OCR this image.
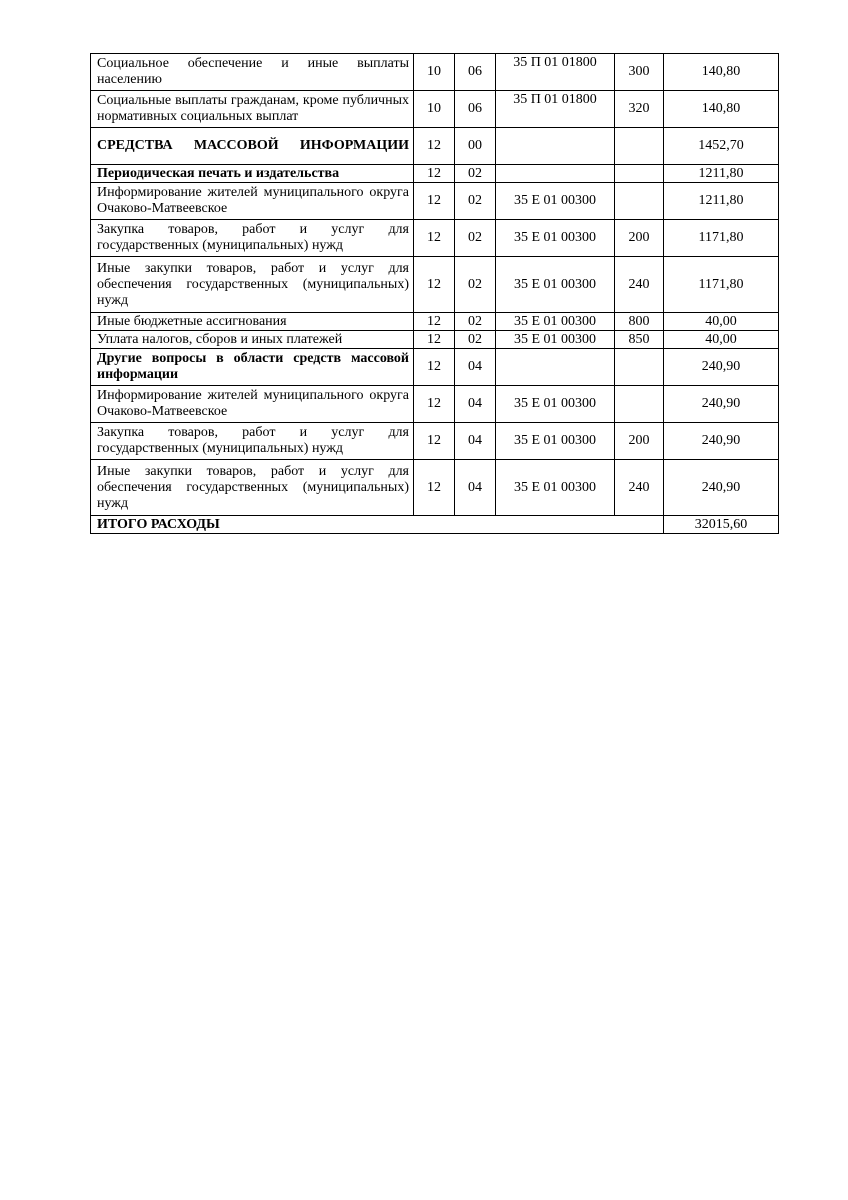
Социальное обеспечение и иные выплаты населению	10	06	35 П 01 01800	300	140,80
Социальные выплаты гражданам, кроме публичных нормативных социальных выплат	10	06	35 П 01 01800	320	140,80

СРЕДСТВА МАССОВОЙ ИНФОРМАЦИИ	12	00			1452,70
Периодическая печать и издательства	12	02			1211,80
Информирование жителей муниципального округа Очаково-Матвеевское	12	02	35 Е 01 00300		1211,80
Закупка товаров, работ и услуг для государственных (муниципальных) нужд	12	02	35 Е 01 00300	200	1171,80
Иные закупки товаров, работ и услуг для обеспечения государственных (муниципальных) нужд	12	02	35 Е 01 00300	240	1171,80
Иные бюджетные ассигнования	12	02	35 Е 01 00300	800	40,00
Уплата налогов, сборов и иных платежей	12	02	35 Е 01 00300	850	40,00
Другие вопросы в области средств массовой информации	12	04			240,90
Информирование жителей муниципального округа Очаково-Матвеевское	12	04	35 Е 01 00300		240,90
Закупка товаров, работ и услуг для государственных (муниципальных) нужд	12	04	35 Е 01 00300	200	240,90
Иные закупки товаров, работ и услуг для обеспечения государственных (муниципальных) нужд	12	04	35 Е 01 00300	240	240,90
ИТОГО РАСХОДЫ					32015,60
